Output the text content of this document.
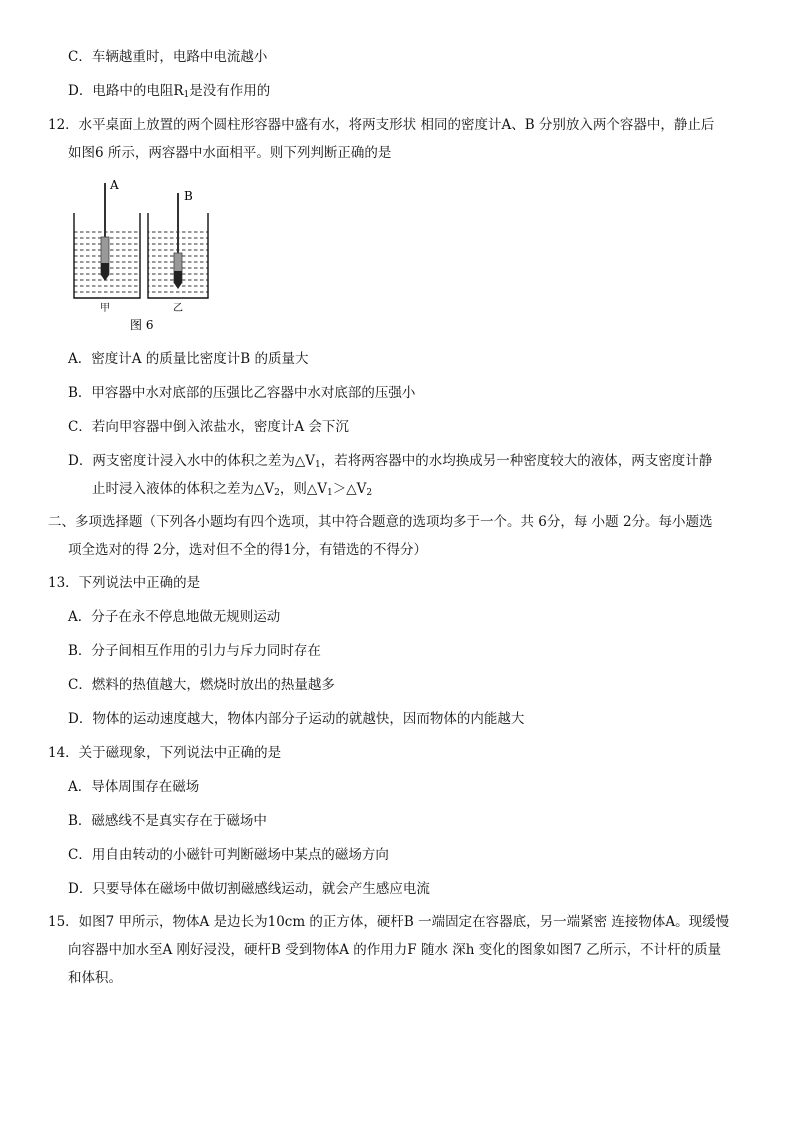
C．车辆越重时，电路中电流越小
D．电路中的电阻$R_1$是没有作用的
12．水平桌面上放置的两个圆柱形容器中盛有水，将两支形状 相同的密度计A、B 分别放入两个容器中，静止后
如图6 所示，两容器中水面相平。则下列判断正确的是
A
B
甲	乙
图 6
A．密度计A 的质量比密度计B 的质量大
B．甲容器中水对底部的压强比乙容器中水对底部的压强小
C．若向甲容器中倒入浓盐水，密度计A 会下沉
D．两支密度计浸入水中的体积之差为$\triangle V_1$，若将两容器中的水均换成另一种密度较大的液体，两支密度计静
止时浸入液体的体积之差为$\triangle V_2$，则$\triangle V_1>\triangle V_2$
二、多项选择题（下列各小题均有四个选项，其中符合题意的选项均多于一个。共 6分，每 小题 2分。每小题选
项全选对的得 2分，选对但不全的得1分，有错选的不得分）
13．下列说法中正确的是
A．分子在永不停息地做无规则运动
B．分子间相互作用的引力与斥力同时存在
C．燃料的热值越大，燃烧时放出的热量越多
D．物体的运动速度越大，物体内部分子运动的就越快，因而物体的内能越大
14．关于磁现象，下列说法中正确的是
A．导体周围存在磁场
B．磁感线不是真实存在于磁场中
C．用自由转动的小磁针可判断磁场中某点的磁场方向
D．只要导体在磁场中做切割磁感线运动，就会产生感应电流
15．如图7 甲所示，物体A 是边长为10cm 的正方体，硬杆B 一端固定在容器底，另一端紧密 连接物体A。现缓慢
向容器中加水至A 刚好浸没，硬杆B 受到物体A 的作用力F 随水 深h 变化的图象如图7 乙所示，不计杆的质量
和体积。
